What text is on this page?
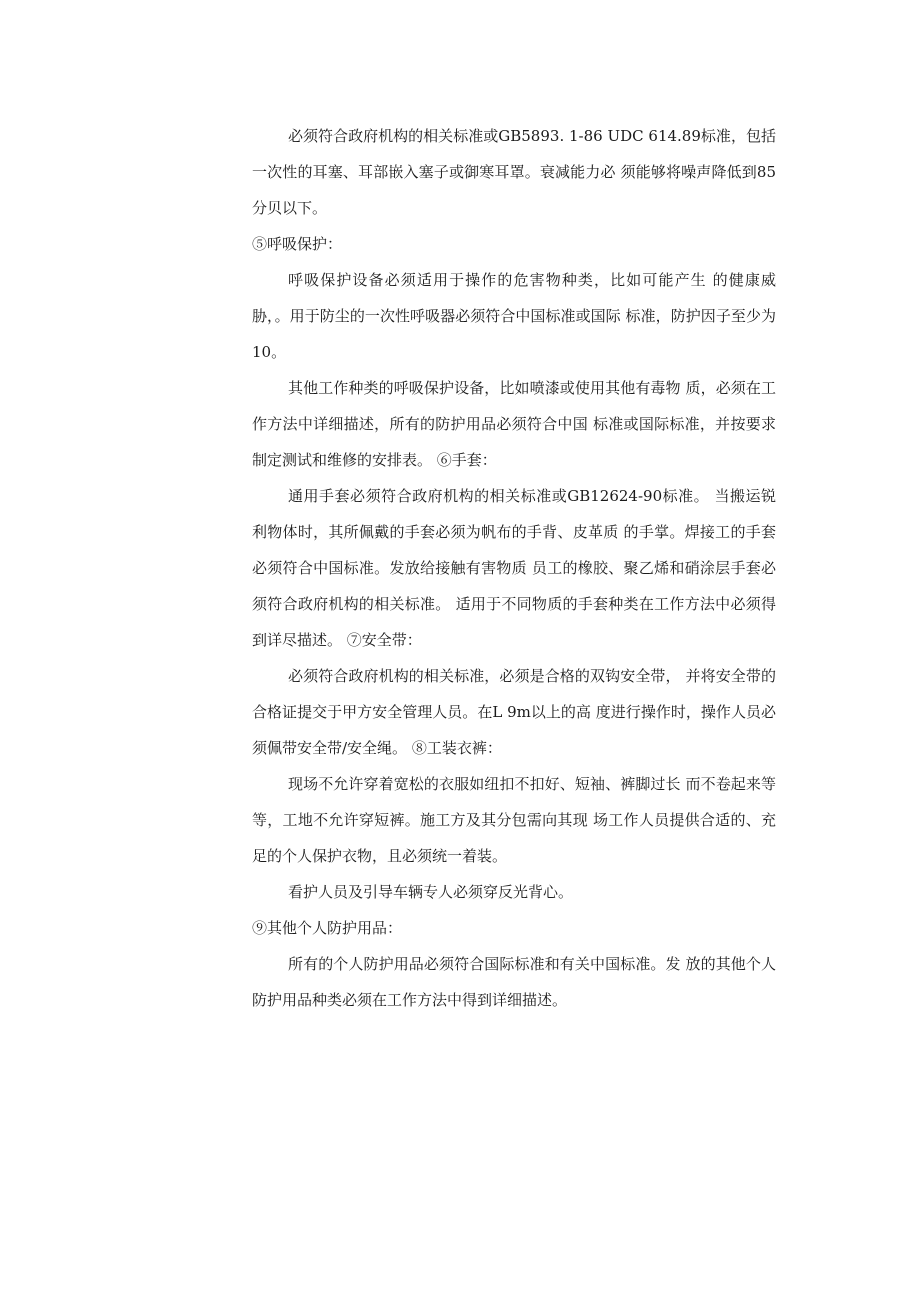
必须符合政府机构的相关标准或GB5893. 1-86 UDC 614.89标准，包括一次性的耳塞、耳部嵌入塞子或御寒耳罩。衰减能力必 须能够将噪声降低到85分贝以下。

⑤呼吸保护：

呼吸保护设备必须适用于操作的危害物种类，比如可能产生 的健康威胁，。用于防尘的一次性呼吸器必须符合中国标准或国际 标准，防护因子至少为10。

其他工作种类的呼吸保护设备，比如喷漆或使用其他有毒物 质，必须在工作方法中详细描述，所有的防护用品必须符合中国 标准或国际标准，并按要求制定测试和维修的安排表。 ⑥手套：

通用手套必须符合政府机构的相关标准或GB12624-90标准。 当搬运锐利物体时，其所佩戴的手套必须为帆布的手背、皮革质 的手掌。焊接工的手套必须符合中国标准。发放给接触有害物质 员工的橡胶、聚乙烯和硝涂层手套必须符合政府机构的相关标准。 适用于不同物质的手套种类在工作方法中必须得到详尽描述。 ⑦安全带：

必须符合政府机构的相关标准，必须是合格的双钩安全带， 并将安全带的合格证提交于甲方安全管理人员。在L 9m以上的高 度进行操作时，操作人员必须佩带安全带/安全绳。 ⑧工装衣裤：

现场不允许穿着宽松的衣服如纽扣不扣好、短袖、裤脚过长 而不卷起来等等，工地不允许穿短裤。施工方及其分包需向其现 场工作人员提供合适的、充足的个人保护衣物，且必须统一着装。

看护人员及引导车辆专人必须穿反光背心。

⑨其他个人防护用品：

所有的个人防护用品必须符合国际标准和有关中国标准。发 放的其他个人防护用品种类必须在工作方法中得到详细描述。
